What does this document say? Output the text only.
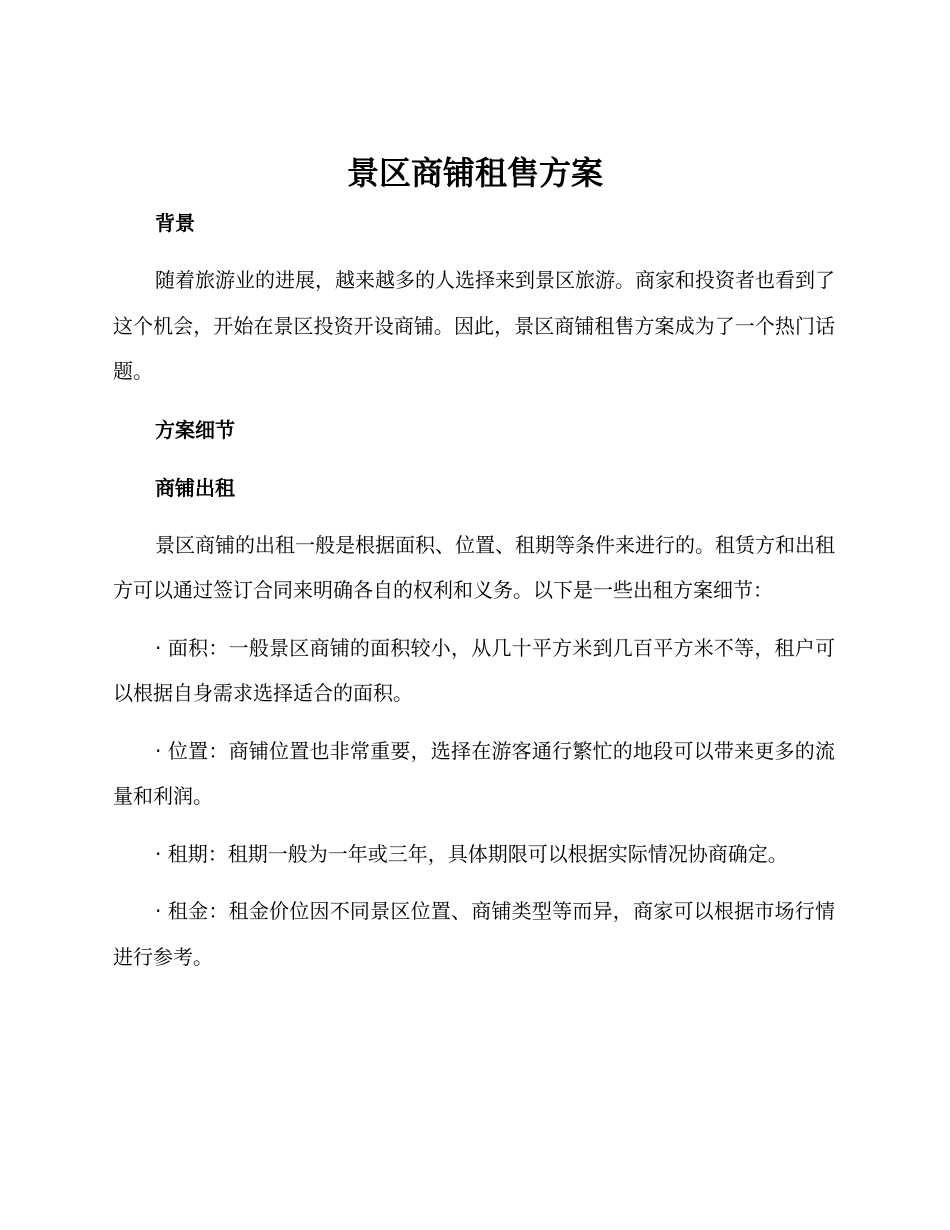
景区商铺租售方案

背景

随着旅游业的进展，越来越多的人选择来到景区旅游。商家和投资者也看到了这个机会，开始在景区投资开设商铺。因此，景区商铺租售方案成为了一个热门话题。

方案细节

商铺出租

景区商铺的出租一般是根据面积、位置、租期等条件来进行的。租赁方和出租方可以通过签订合同来明确各自的权利和义务。以下是一些出租方案细节：

· 面积：一般景区商铺的面积较小，从几十平方米到几百平方米不等，租户可以根据自身需求选择适合的面积。

· 位置：商铺位置也非常重要，选择在游客通行繁忙的地段可以带来更多的流量和利润。

· 租期：租期一般为一年或三年，具体期限可以根据实际情况协商确定。

· 租金：租金价位因不同景区位置、商铺类型等而异，商家可以根据市场行情进行参考。
